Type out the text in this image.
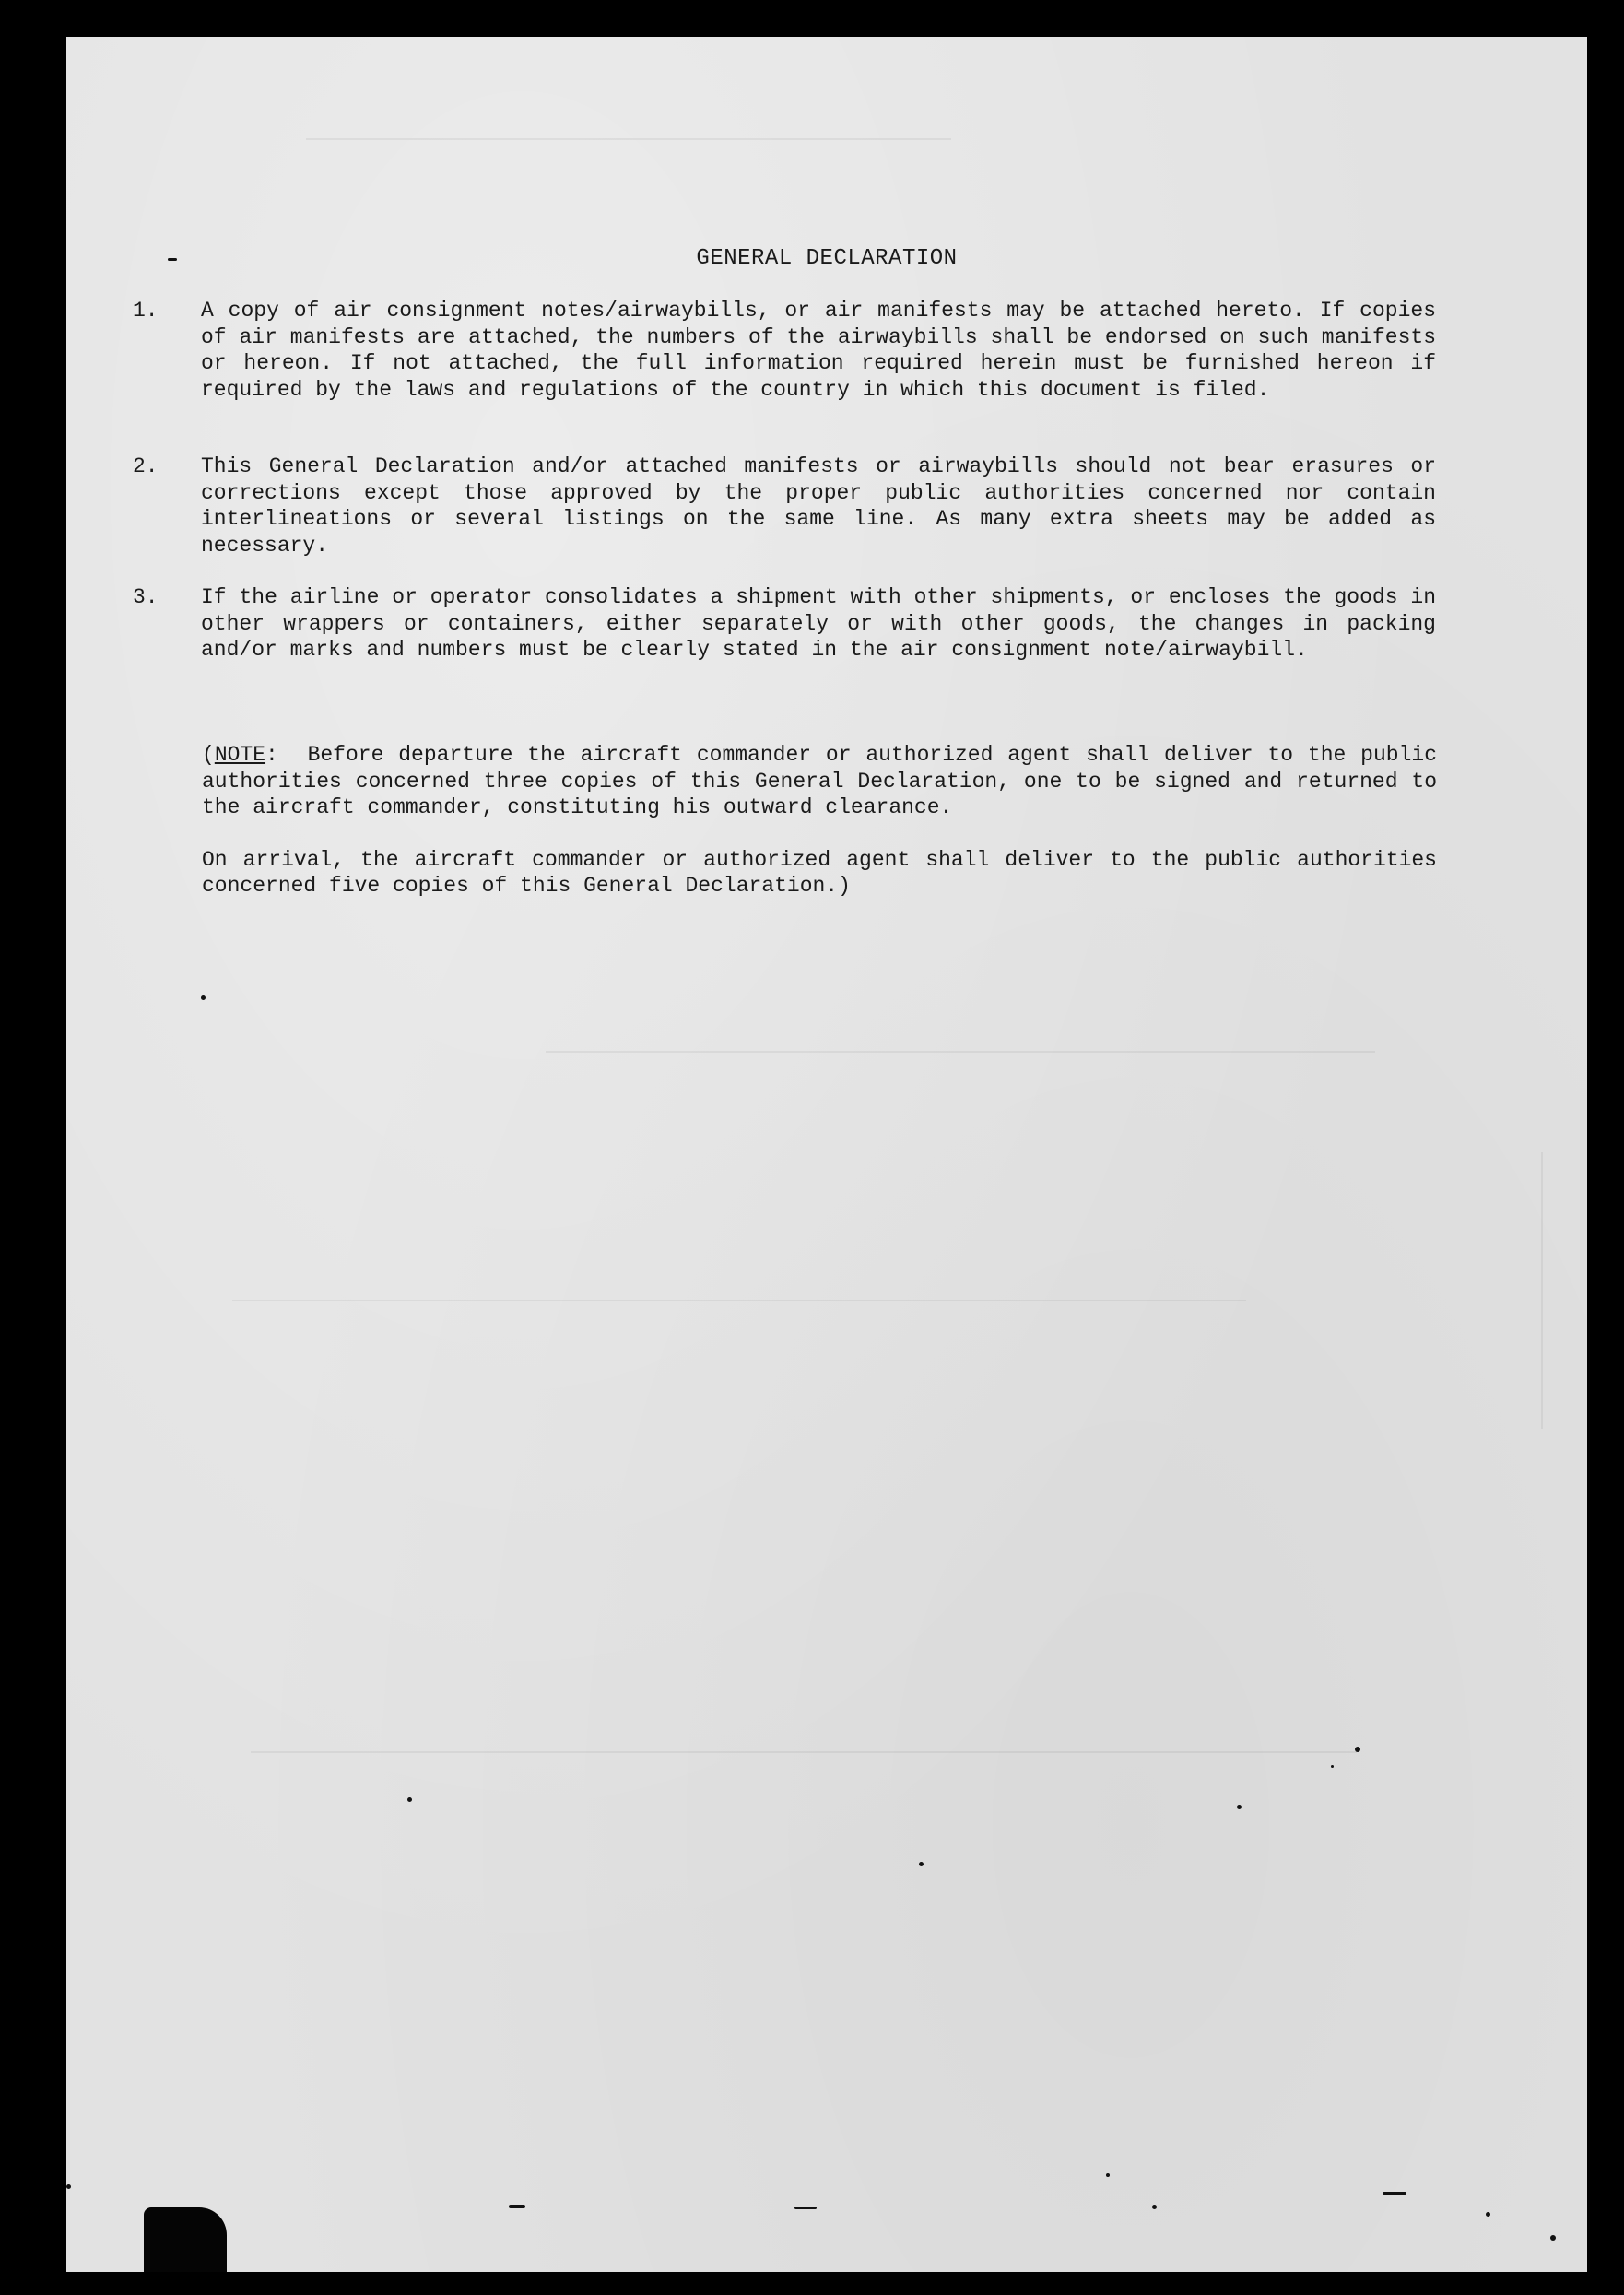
GENERAL DECLARATION
1. A copy of air consignment notes/airwaybills, or air manifests may be attached hereto. If copies of air manifests are attached, the numbers of the airwaybills shall be endorsed on such manifests or hereon. If not attached, the full information required herein must be furnished hereon if required by the laws and regulations of the country in which this document is filed.

2. This General Declaration and/or attached manifests or airwaybills should not bear erasures or corrections except those approved by the proper public authorities concerned nor contain interlineations or several listings on the same line. As many extra sheets may be added as necessary.

3. If the airline or operator consolidates a shipment with other shipments, or encloses the goods in other wrappers or containers, either separately or with other goods, the changes in packing and/or marks and numbers must be clearly stated in the air consignment note/airwaybill.

(NOTE: Before departure the aircraft commander or authorized agent shall deliver to the public authorities concerned three copies of this General Declaration, one to be signed and returned to the aircraft commander, constituting his outward clearance.

On arrival, the aircraft commander or authorized agent shall deliver to the public authorities concerned five copies of this General Declaration.)
